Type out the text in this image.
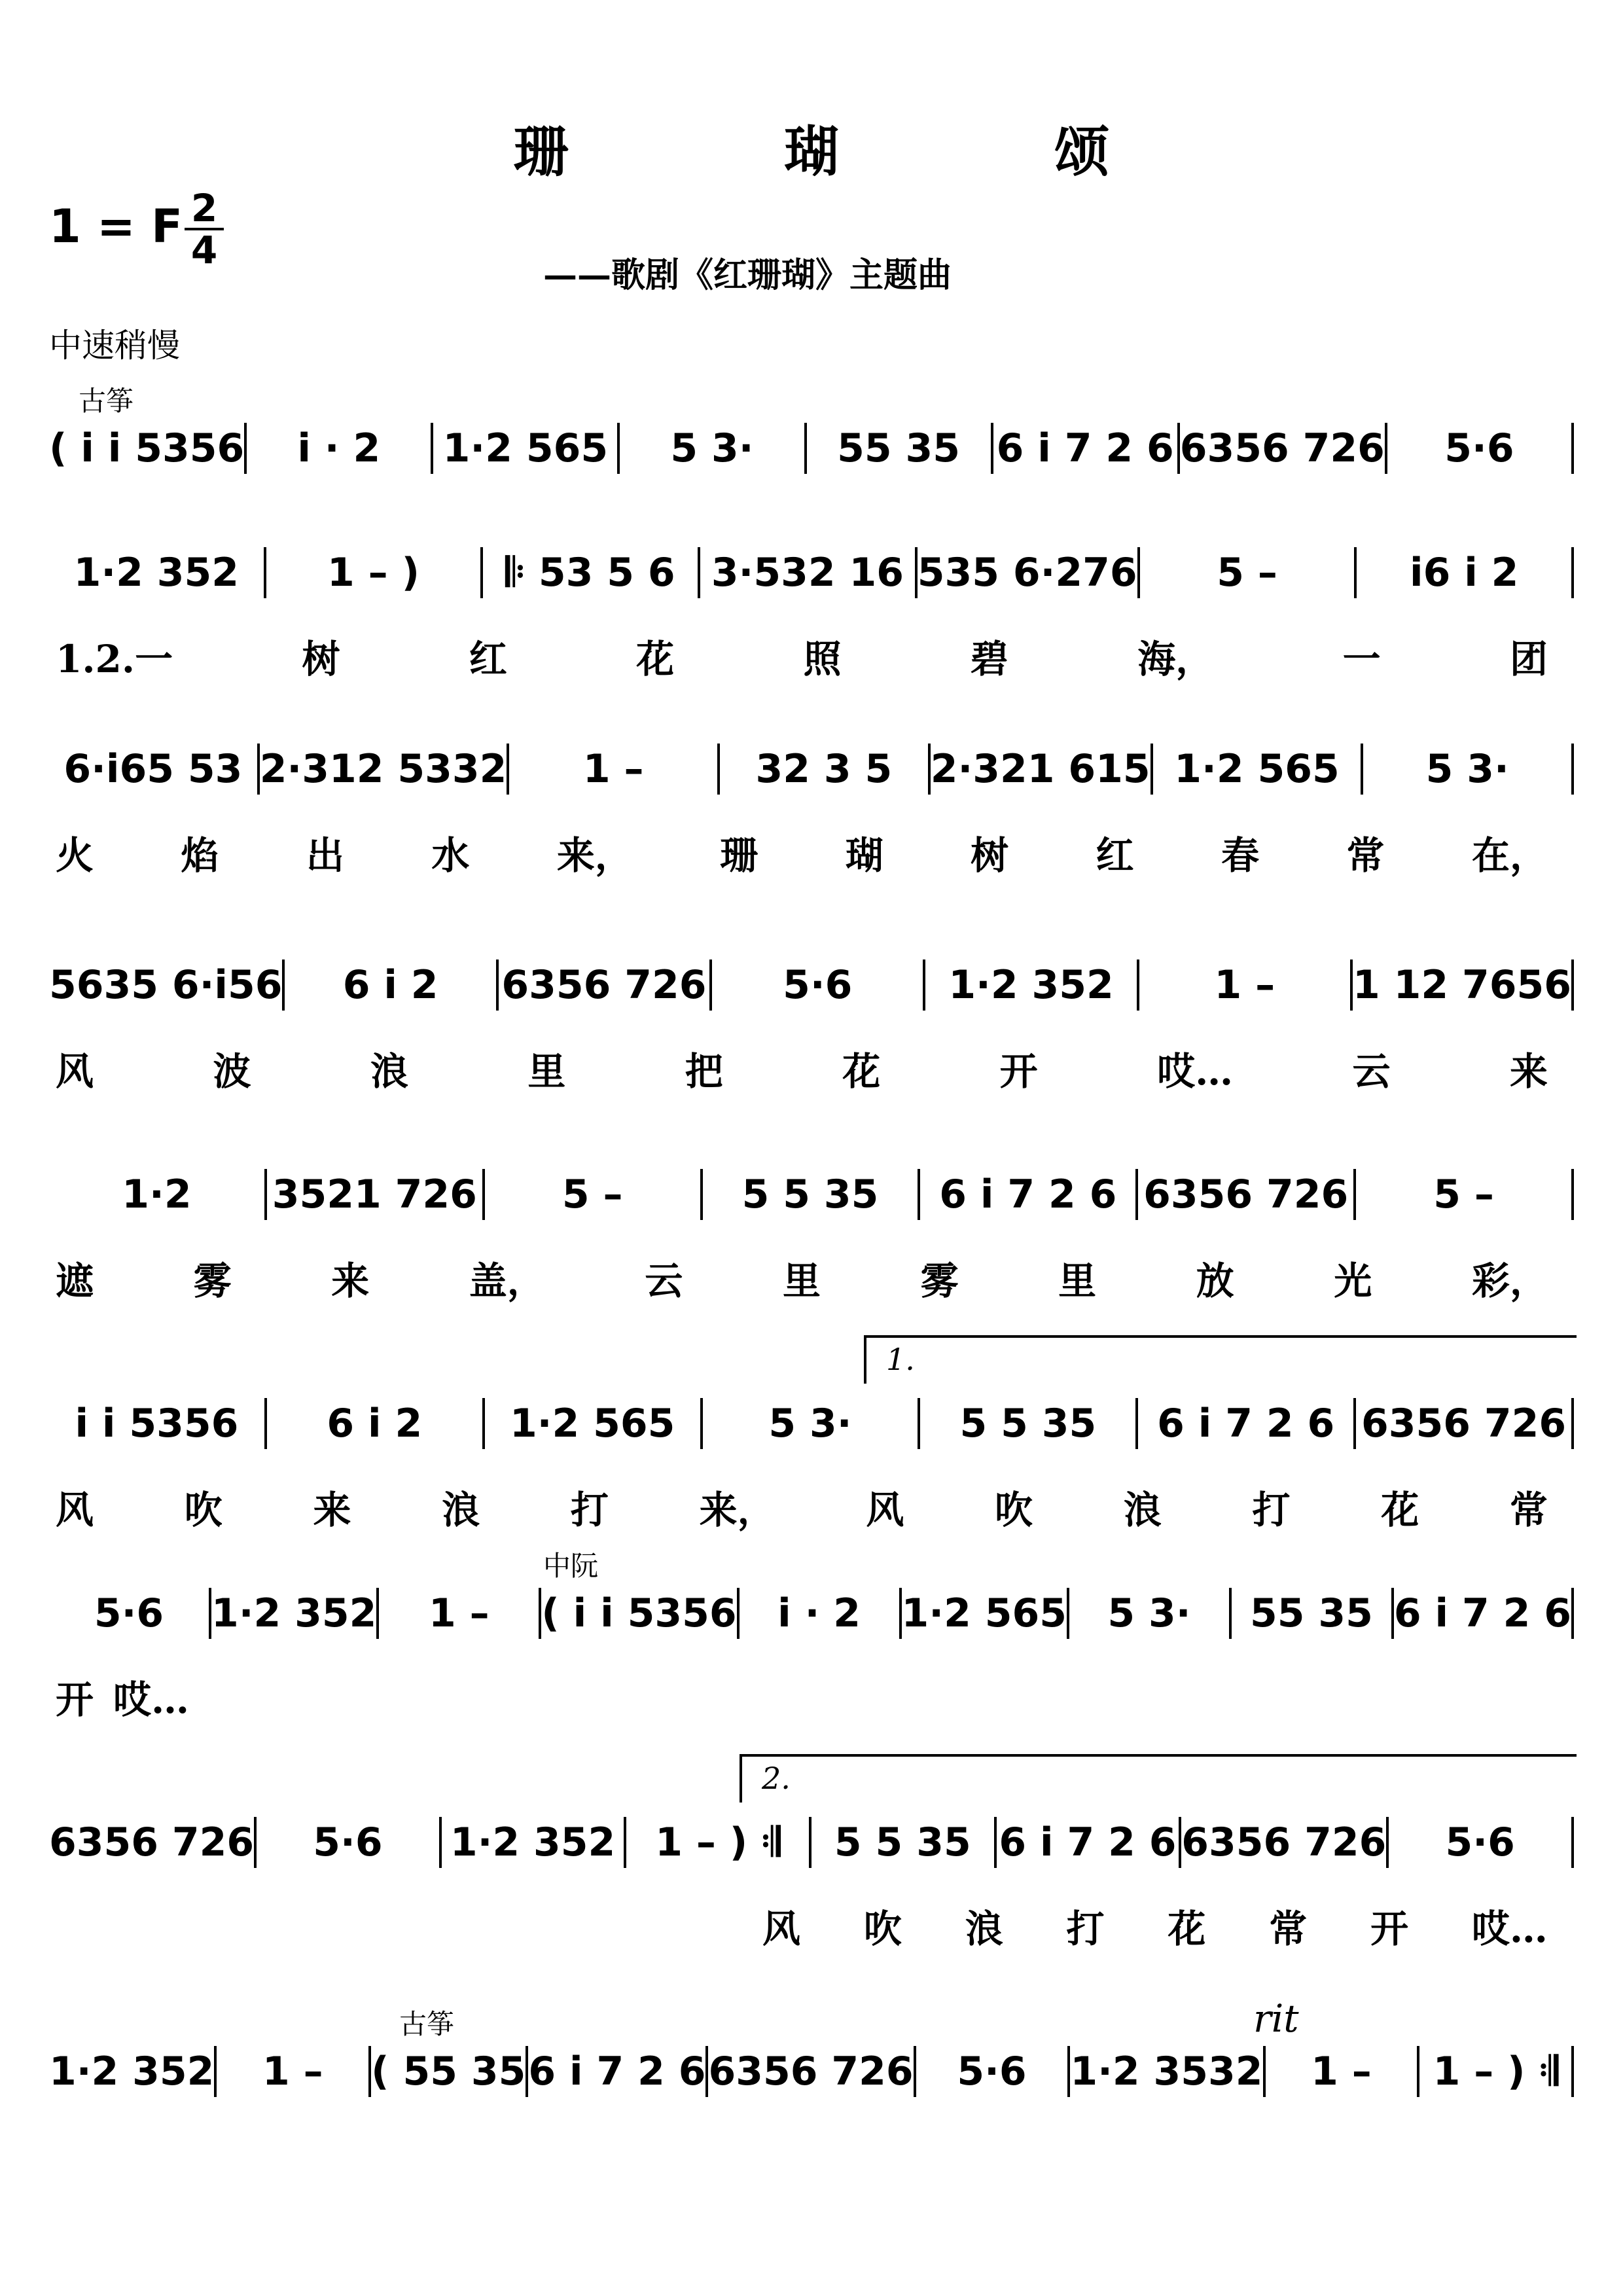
珊 瑚 颂
1 = F 2
4
——歌剧《红珊瑚》主题曲
中速稍慢
( i i 5356	i · 2	1·2 565	5 3·	55 35 6 i 7 2 6 6356 726	5·6
1·2 352	1 – )	𝄆 53 5 6 3·532 16 535 6·276	5 –	i6 i 2
1.2.一	树	红	花	照	碧	海，	一	团
6·i65 53 2·312 5332	1 –	32 3 5 2·321 615 1·2 565	5 3·
火 焰 出 水 来， 珊 瑚 树 红 春 常 在，
5635 6·i56	6 i 2	6356 726	5·6	1·2 352	1 –	1 12 7656
风	波	浪	里	把	花	开	哎…	云	来
1·2	3521 726	5 –	5 5 35	6 i 7 2 6 6356 726	5 –
遮	雾	来	盖，	云	里	雾	里	放	光	彩，
i i 5356	6 i 2	1·2 565	5 3·	5 5 35	6 i 7 2 6 6356 726
风 吹 来 浪 打 来， 风 吹 浪 打 花 常
5·6	1·2 352	1 –	( i i 5356	i · 2	1·2 565	5 3·	55 35 6 i 7 2 6
开 哎…
6356 726	5·6	1·2 352	1 – ) 𝄇	5 5 35 6 i 7 2 6 6356 726	5·6
风 吹 浪 打 花 常 开 哎…
1·2 352	1 –	( 55 35 6 i 7 2 6 6356 726	5·6	1·2 3532	1 –	1 – ) 𝄇
古筝
1.
中阮
2.
古筝	rit
